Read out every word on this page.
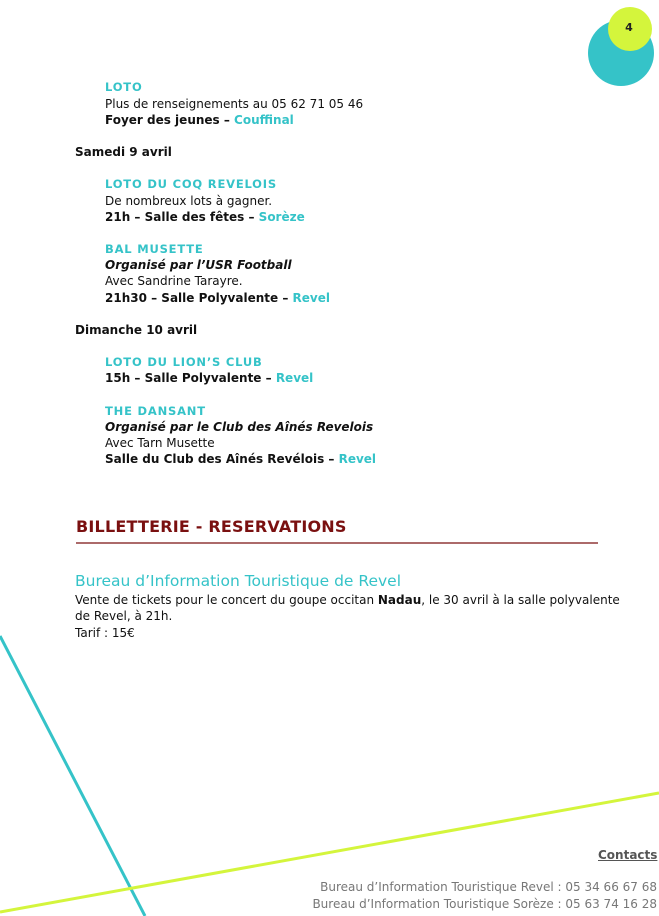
4
LOTO
Plus de renseignements au 05 62 71 05 46
Foyer des jeunes – Couffinal
Samedi 9 avril
LOTO DU COQ REVELOIS
De nombreux lots à gagner.
21h – Salle des fêtes – Sorèze
BAL MUSETTE
Organisé par l’USR Football
Avec Sandrine Tarayre.
21h30 – Salle Polyvalente – Revel
Dimanche 10 avril
LOTO DU LION’S CLUB
15h – Salle Polyvalente – Revel
THE DANSANT
Organisé par le Club des Aînés Revelois
Avec Tarn Musette
Salle du Club des Aînés Revélois – Revel
BILLETTERIE - RESERVATIONS
Bureau d’Information Touristique de Revel
Vente de tickets pour le concert du goupe occitan Nadau, le 30 avril à la salle polyvalente
de Revel, à 21h.
Tarif : 15€
Contacts
Bureau d’Information Touristique Revel : 05 34 66 67 68
Bureau d’Information Touristique Sorèze : 05 63 74 16 28
